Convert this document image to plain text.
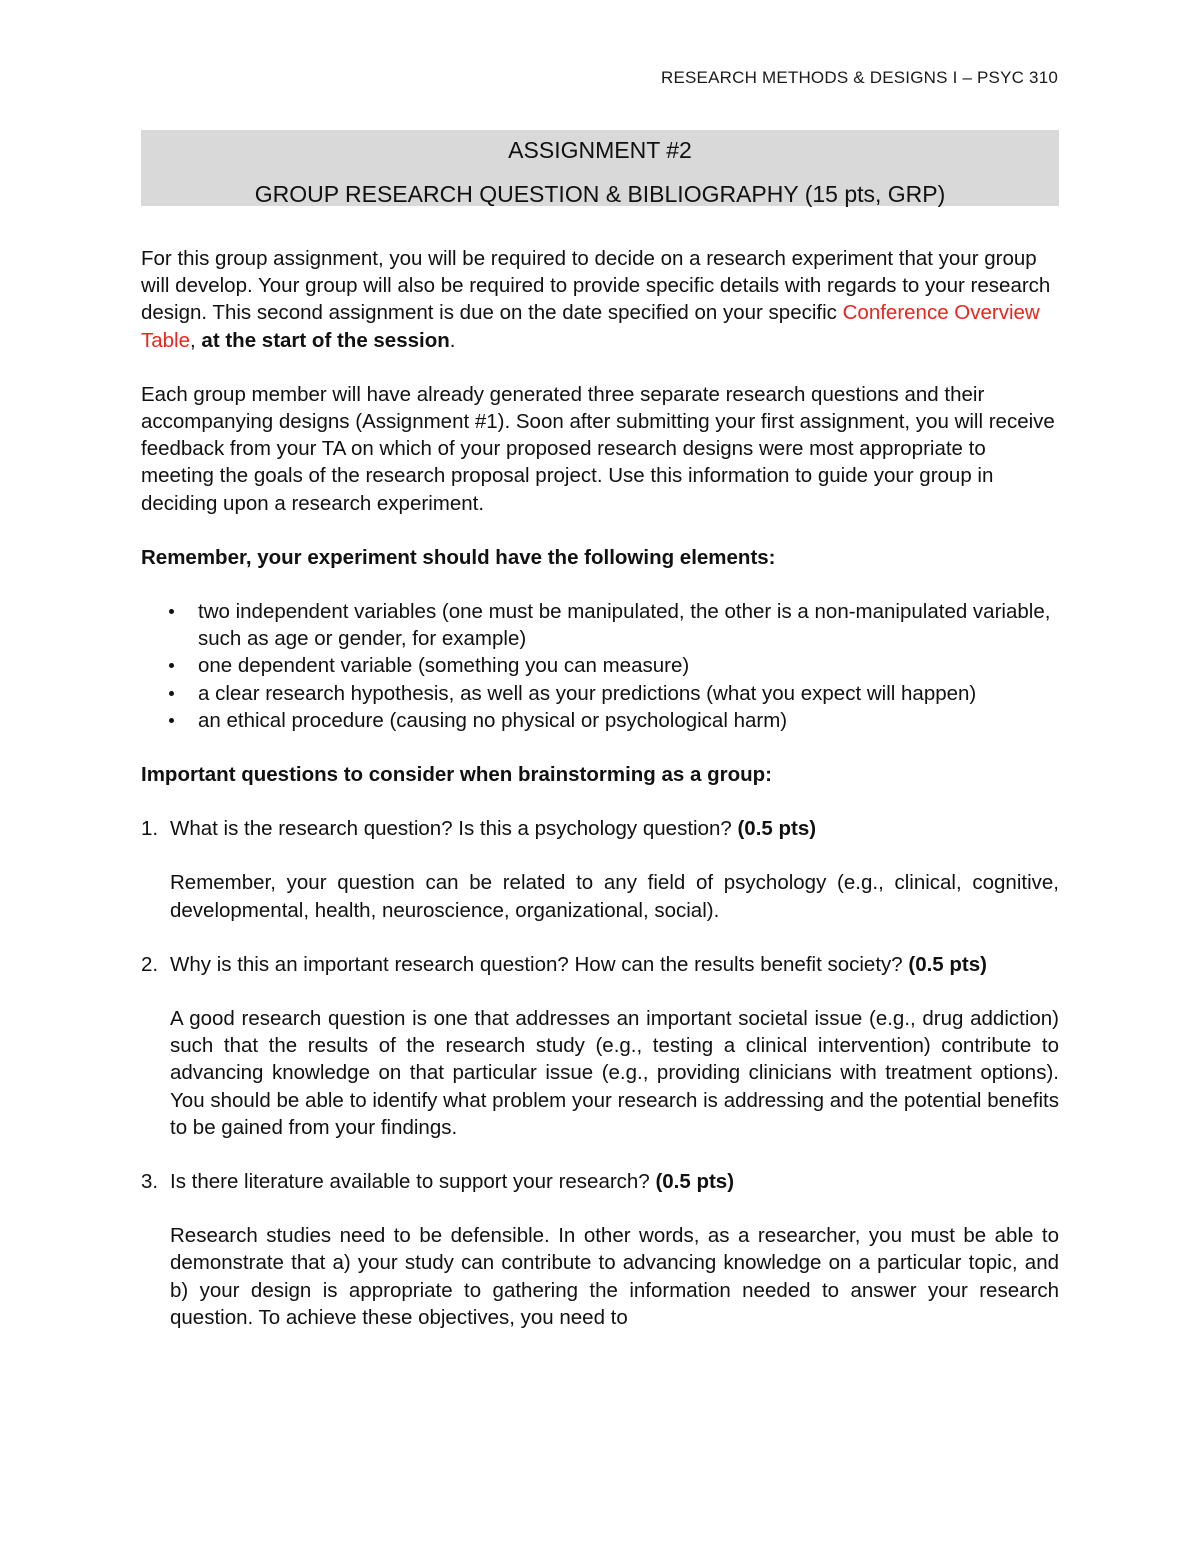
RESEARCH METHODS & DESIGNS I – PSYC 310
ASSIGNMENT #2
GROUP RESEARCH QUESTION & BIBLIOGRAPHY (15 pts, GRP)

For this group assignment, you will be required to decide on a research experiment that your group will develop. Your group will also be required to provide specific details with regards to your research design. This second assignment is due on the date specified on your specific Conference Overview Table, at the start of the session.

Each group member will have already generated three separate research questions and their accompanying designs (Assignment #1). Soon after submitting your first assignment, you will receive feedback from your TA on which of your proposed research designs were most appropriate to meeting the goals of the research proposal project. Use this information to guide your group in deciding upon a research experiment.

Remember, your experiment should have the following elements:

two independent variables (one must be manipulated, the other is a non-manipulated variable, such as age or gender, for example)
one dependent variable (something you can measure)
a clear research hypothesis, as well as your predictions (what you expect will happen)
an ethical procedure (causing no physical or psychological harm)

Important questions to consider when brainstorming as a group:

1. What is the research question? Is this a psychology question? (0.5 pts)

Remember, your question can be related to any field of psychology (e.g., clinical, cognitive, developmental, health, neuroscience, organizational, social).

2. Why is this an important research question? How can the results benefit society? (0.5 pts)

A good research question is one that addresses an important societal issue (e.g., drug addiction) such that the results of the research study (e.g., testing a clinical intervention) contribute to advancing knowledge on that particular issue (e.g., providing clinicians with treatment options). You should be able to identify what problem your research is addressing and the potential benefits to be gained from your findings.

3. Is there literature available to support your research? (0.5 pts)

Research studies need to be defensible. In other words, as a researcher, you must be able to demonstrate that a) your study can contribute to advancing knowledge on a particular topic, and b) your design is appropriate to gathering the information needed to answer your research question. To achieve these objectives, you need to
